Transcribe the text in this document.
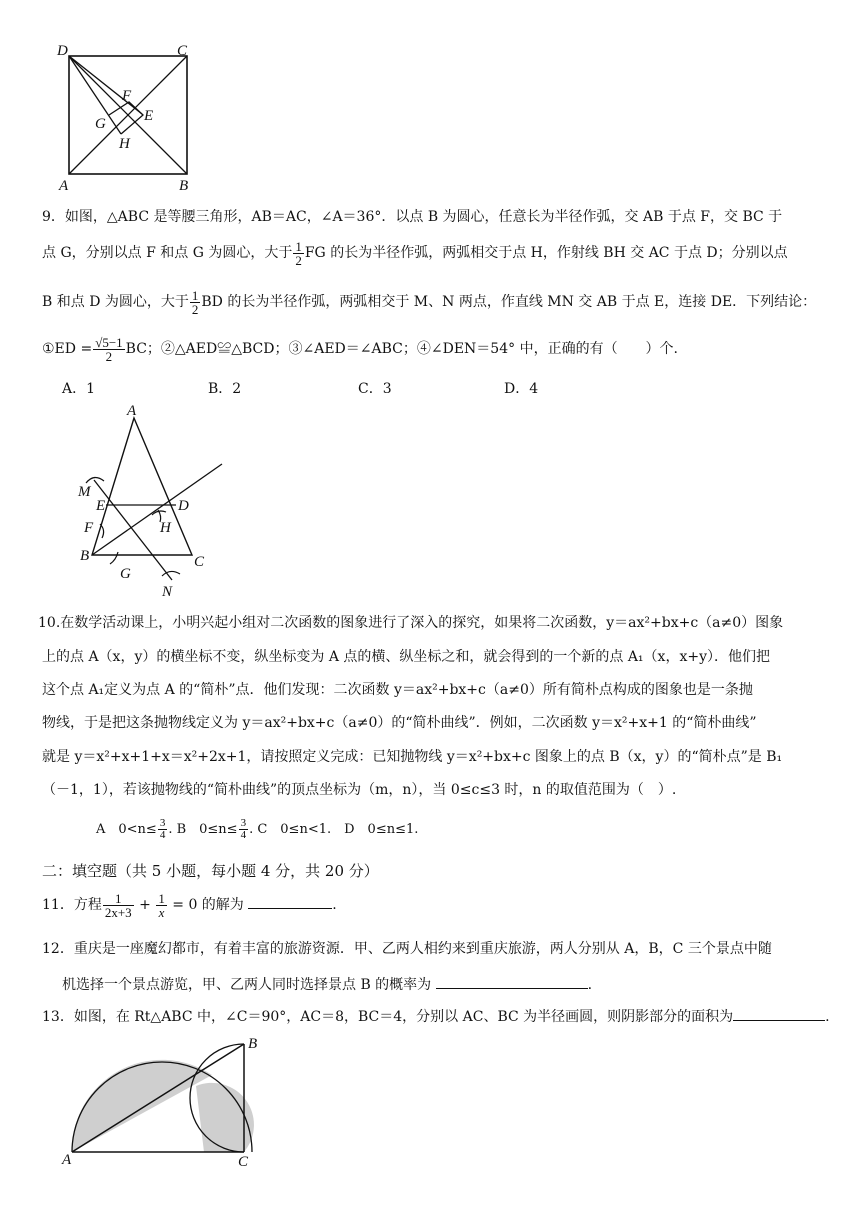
D	C
A	B
F
G	E
H
9．如图，△ABC 是等腰三角形，AB＝AC，∠A＝36°．以点 B 为圆心，任意长为半径作弧，交 AB 于点 F，交 BC 于
点 G，分别以点 F 和点 G 为圆心，大于 $\frac{1}{2}$ FG 的长为半径作弧，两弧相交于点 H，作射线 BH 交 AC 于点 D；分别以点
B 和点 D 为圆心，大于 $\frac{1}{2}$ BD 的长为半径作弧，两弧相交于 M、N 两点，作直线 MN 交 AB 于点 E，连接 DE．下列结论：
①ED = $\frac{√5-1}{2}$ BC；②△AED≌△BCD；③∠AED＝∠ABC；④∠DEN＝54° 中，正确的有（　　）个.
A．1	B．2	C．3	D．4
A
M
E	D
F	H
B	C
G
N
10.在数学活动课上，小明兴起小组对二次函数的图象进行了深入的探究，如果将二次函数，y＝ax²+bx+c（a≠0）图象
上的点 A（x，y）的横坐标不变，纵坐标变为 A 点的横、纵坐标之和，就会得到的一个新的点 A₁（x，x+y）．他们把
这个点 A₁定义为点 A 的“简朴”点．他们发现：二次函数 y＝ax²+bx+c（a≠0）所有简朴点构成的图象也是一条抛
物线，于是把这条抛物线定义为 y＝ax²+bx+c（a≠0）的“简朴曲线”．例如，二次函数 y＝x²+x+1 的“简朴曲线”
就是 y＝x²+x+1+x＝x²+2x+1，请按照定义完成：已知抛物线 y＝x²+bx+c 图象上的点 B（x，y）的“简朴点”是 B₁
（－1，1），若该抛物线的“简朴曲线”的顶点坐标为（m，n），当 0≤c≤3 时，n 的取值范围为（　）.
A　$0<n\le \frac{3}{4}$ . B　$0\le n\le \frac{3}{4}$ . C　0≤n<1.　D　0≤n≤1.
二：填空题（共 5 小题，每小题 4 分，共 20 分）
11．方程 $\frac{1}{2x+3} + \frac{1}{x} = 0$ 的解为	.
12．重庆是一座魔幻都市，有着丰富的旅游资源．甲、乙两人相约来到重庆旅游，两人分别从 A，B，C 三个景点中随
机选择一个景点游览，甲、乙两人同时选择景点 B 的概率为	.
13．如图，在 Rt△ABC 中，∠C＝90°，AC＝8，BC＝4，分别以 AC、BC 为半径画圆，则阴影部分的面积为	.
B
A	C
